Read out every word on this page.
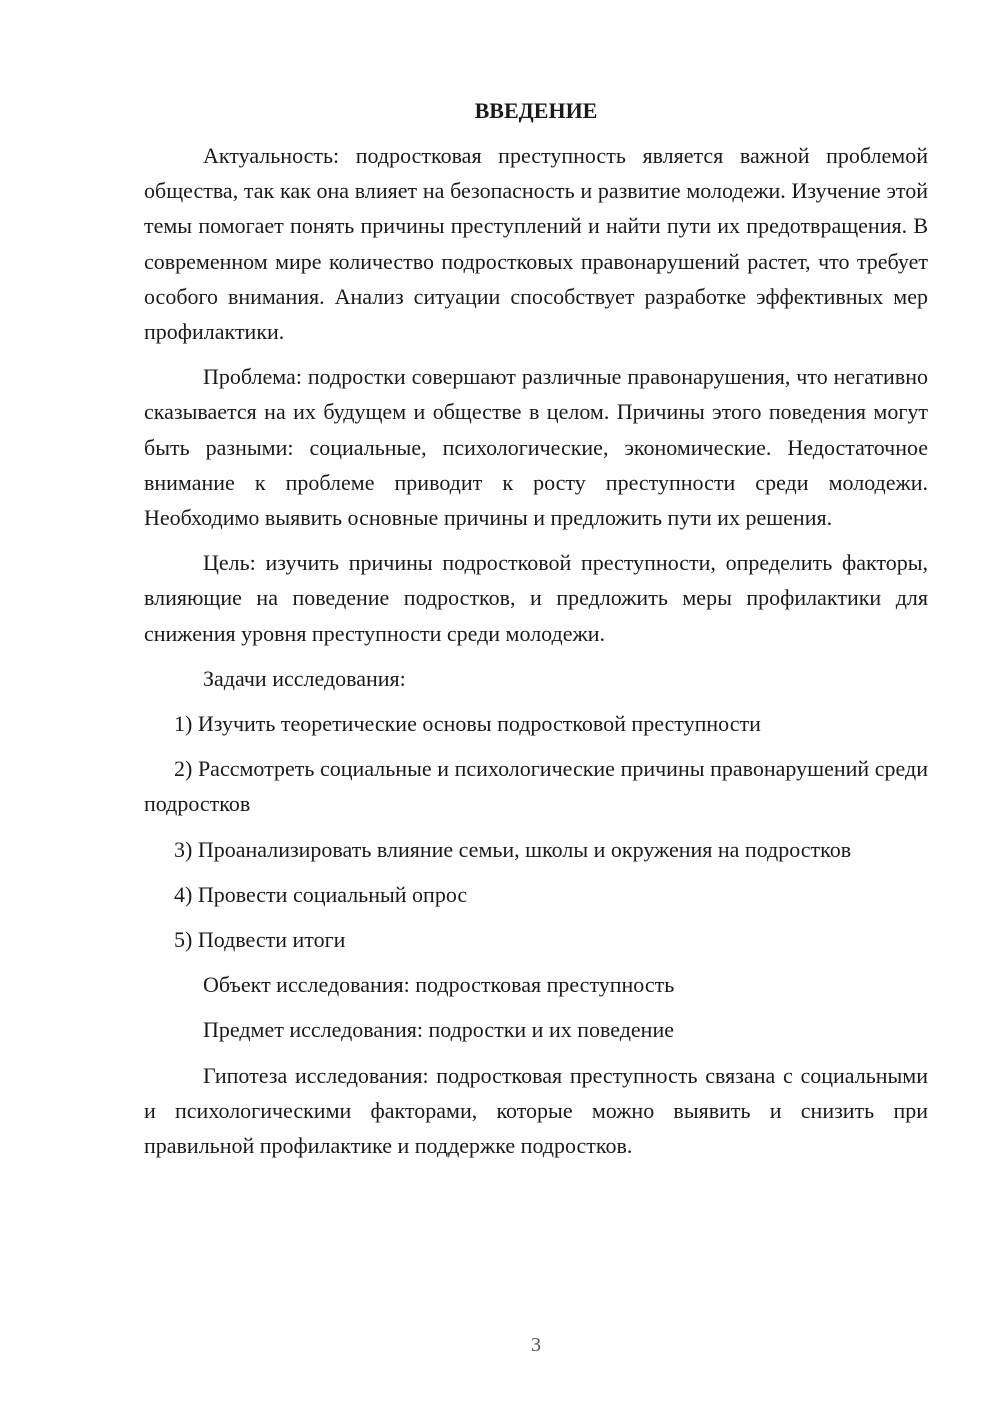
ВВЕДЕНИЕ

Актуальность: подростковая преступность является важной проблемой общества, так как она влияет на безопасность и развитие молодежи. Изучение этой темы помогает понять причины преступлений и найти пути их предотвращения. В современном мире количество подростковых правонарушений растет, что требует особого внимания. Анализ ситуации способствует разработке эффективных мер профилактики.

Проблема: подростки совершают различные правонарушения, что негативно сказывается на их будущем и обществе в целом. Причины этого поведения могут быть разными: социальные, психологические, экономические. Недостаточное внимание к проблеме приводит к росту преступности среди молодежи. Необходимо выявить основные причины и предложить пути их решения.

Цель: изучить причины подростковой преступности, определить факторы, влияющие на поведение подростков, и предложить меры профилактики для снижения уровня преступности среди молодежи.

Задачи исследования:

1) Изучить теоретические основы подростковой преступности

2) Рассмотреть социальные и психологические причины правонарушений среди подростков

3) Проанализировать влияние семьи, школы и окружения на подростков

4) Провести социальный опрос

5) Подвести итоги

Объект исследования: подростковая преступность

Предмет исследования: подростки и их поведение

Гипотеза исследования: подростковая преступность связана с социальными и психологическими факторами, которые можно выявить и снизить при правильной профилактике и поддержке подростков.

3
